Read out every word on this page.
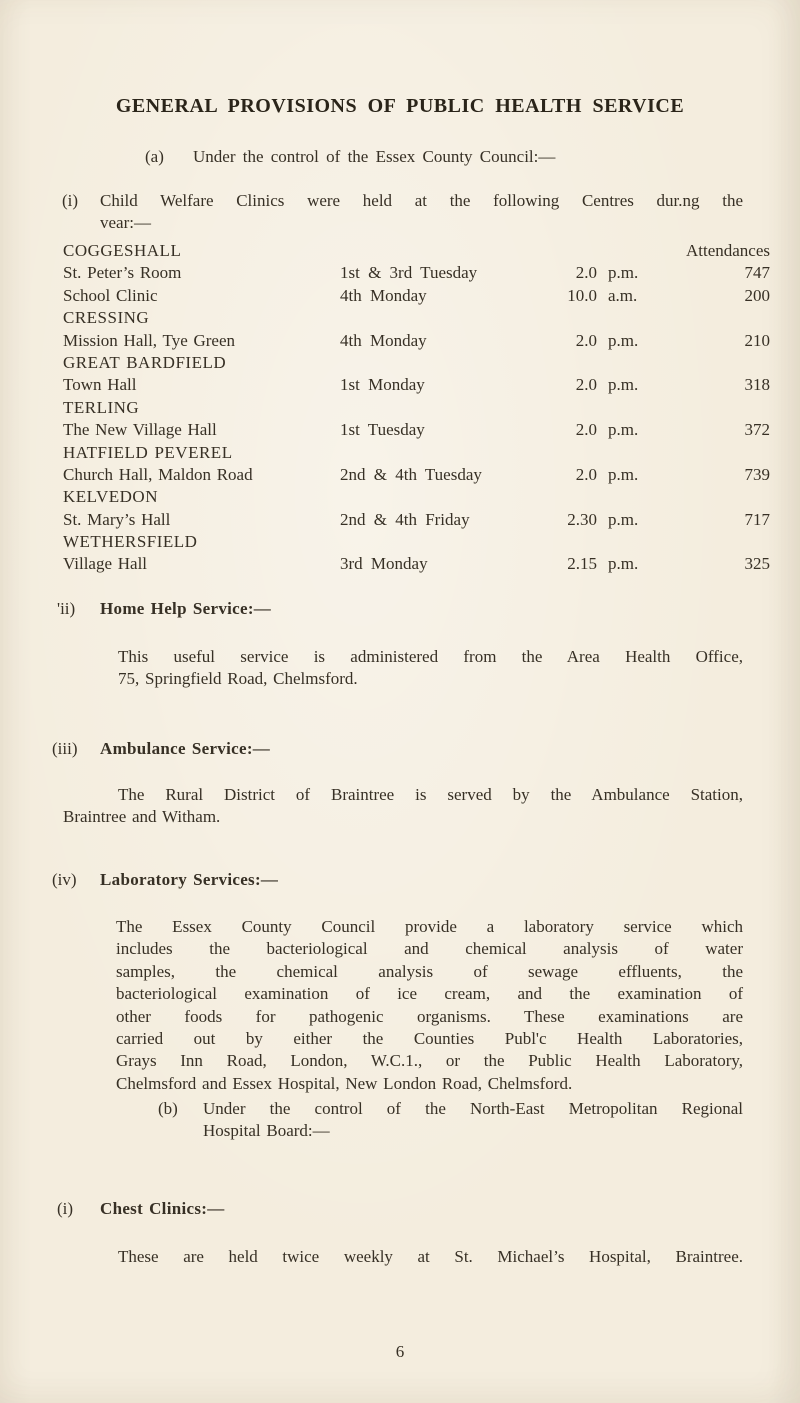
GENERAL PROVISIONS OF PUBLIC HEALTH SERVICE
(a) Under the control of the Essex County Council:—
(i) Child Welfare Clinics were held at the following Centres dur.ng the
vear:—
COGGESHALL	Attendances
St. Peter’s Room	1st & 3rd Tuesday	2.0 p.m.	747
School Clinic	4th Monday	10.0 a.m.	200
CRESSING
Mission Hall, Tye Green	4th Monday	2.0 p.m.	210
GREAT BARDFIELD
Town Hall	1st Monday	2.0 p.m.	318
TERLING
The New Village Hall	1st Tuesday	2.0 p.m.	372
HATFIELD PEVEREL
Church Hall, Maldon Road	2nd & 4th Tuesday	2.0 p.m.	739
KELVEDON
St. Mary’s Hall	2nd & 4th Friday	2.30 p.m.	717
WETHERSFIELD
Village Hall	3rd Monday	2.15 p.m.	325
'ii) Home Help Service:—
This useful service is administered from the Area Health Office,
75, Springfield Road, Chelmsford.
(iii) Ambulance Service:—
The Rural District of Braintree is served by the Ambulance Station,
Braintree and Witham.
(iv) Laboratory Services:—
The Essex County Council provide a laboratory service which
includes the bacteriological and chemical analysis of water
samples, the chemical analysis of sewage effluents, the
bacteriological examination of ice cream, and the examination of
other foods for pathogenic organisms. These examinations are
carried out by either the Counties Publ'c Health Laboratories,
Grays Inn Road, London, W.C.1., or the Public Health Laboratory,
Chelmsford and Essex Hospital, New London Road, Chelmsford.
(b) Under the control of the North-East Metropolitan Regional
Hospital Board:—
(i) Chest Clinics:—
These are held twice weekly at St. Michael’s Hospital, Braintree.
6
